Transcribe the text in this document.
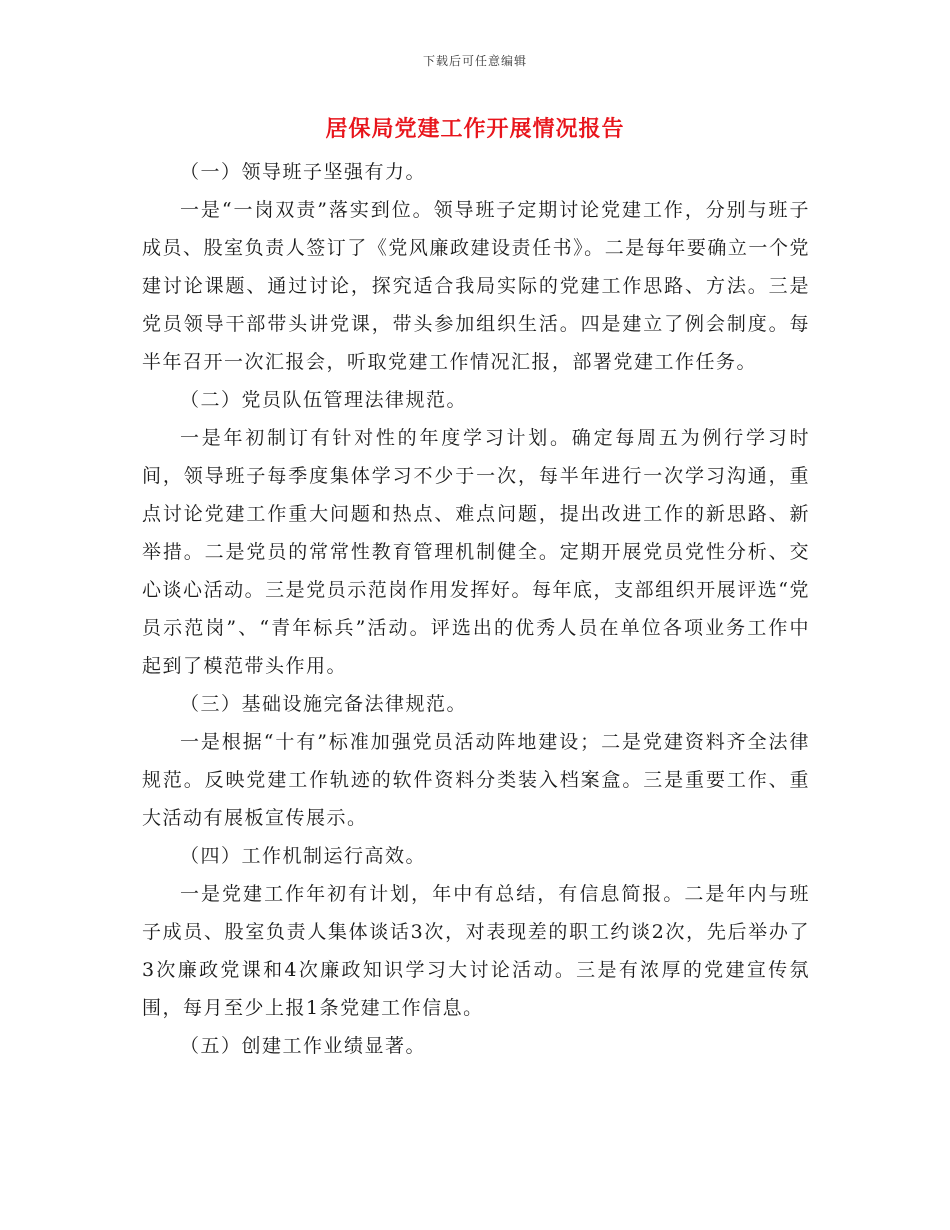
下载后可任意编辑
居保局党建工作开展情况报告

（一）领导班子坚强有力。

一是“一岗双责”落实到位。领导班子定期讨论党建工作，分别与班子成员、股室负责人签订了《党风廉政建设责任书》。二是每年要确立一个党建讨论课题、通过讨论，探究适合我局实际的党建工作思路、方法。三是党员领导干部带头讲党课，带头参加组织生活。四是建立了例会制度。每半年召开一次汇报会，听取党建工作情况汇报，部署党建工作任务。

（二）党员队伍管理法律规范。

一是年初制订有针对性的年度学习计划。确定每周五为例行学习时间，领导班子每季度集体学习不少于一次，每半年进行一次学习沟通，重点讨论党建工作重大问题和热点、难点问题，提出改进工作的新思路、新举措。二是党员的常常性教育管理机制健全。定期开展党员党性分析、交心谈心活动。三是党员示范岗作用发挥好。每年底，支部组织开展评选“党员示范岗”、“青年标兵”活动。评选出的优秀人员在单位各项业务工作中起到了模范带头作用。

（三）基础设施完备法律规范。

一是根据“十有”标准加强党员活动阵地建设；二是党建资料齐全法律规范。反映党建工作轨迹的软件资料分类装入档案盒。三是重要工作、重大活动有展板宣传展示。

（四）工作机制运行高效。

一是党建工作年初有计划，年中有总结，有信息简报。二是年内与班子成员、股室负责人集体谈话3次，对表现差的职工约谈2次，先后举办了3次廉政党课和4次廉政知识学习大讨论活动。三是有浓厚的党建宣传氛围，每月至少上报1条党建工作信息。

（五）创建工作业绩显著。
